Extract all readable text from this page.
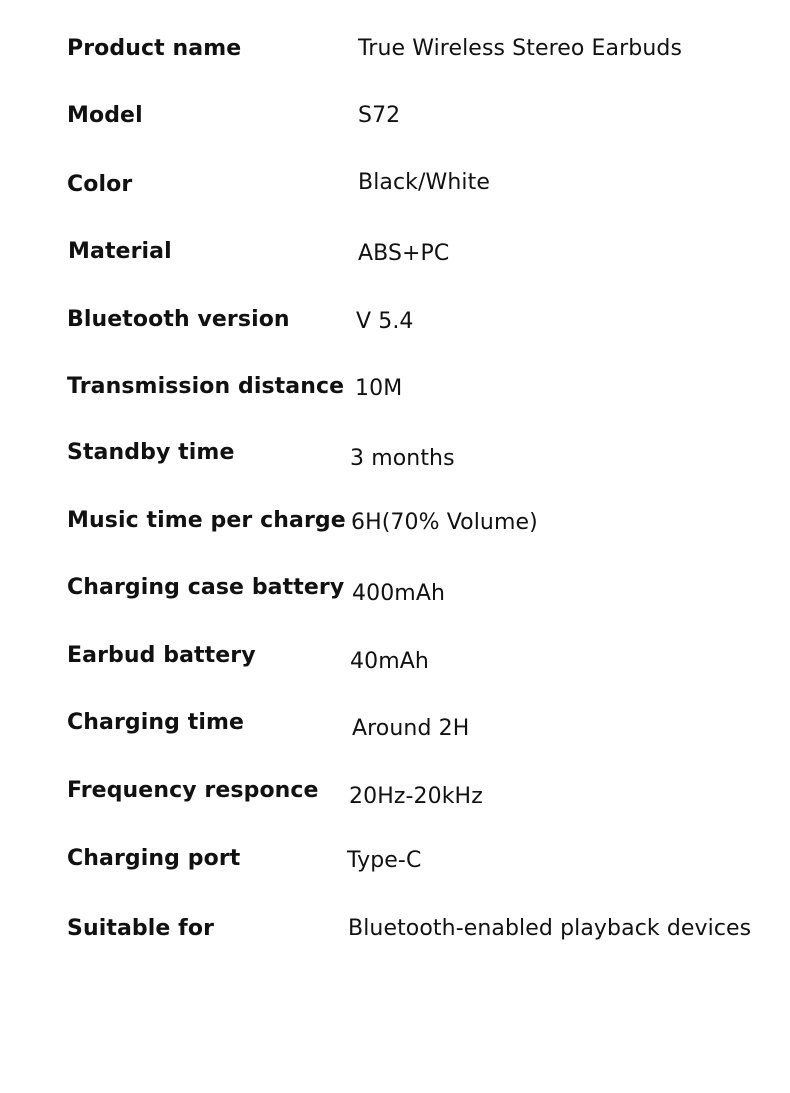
Product name	True Wireless Stereo Earbuds
Model	S72
Color	Black/White
Material	ABS+PC
Bluetooth version	V 5.4
Transmission distance 10M
Standby time	3 months
Music time per charge 6H(70% Volume)
Charging case battery 400mAh
Earbud battery	40mAh
Charging time	Around 2H
Frequency responce 20Hz-20kHz
Charging port	Type-C
Suitable for	Bluetooth-enabled playback devices
